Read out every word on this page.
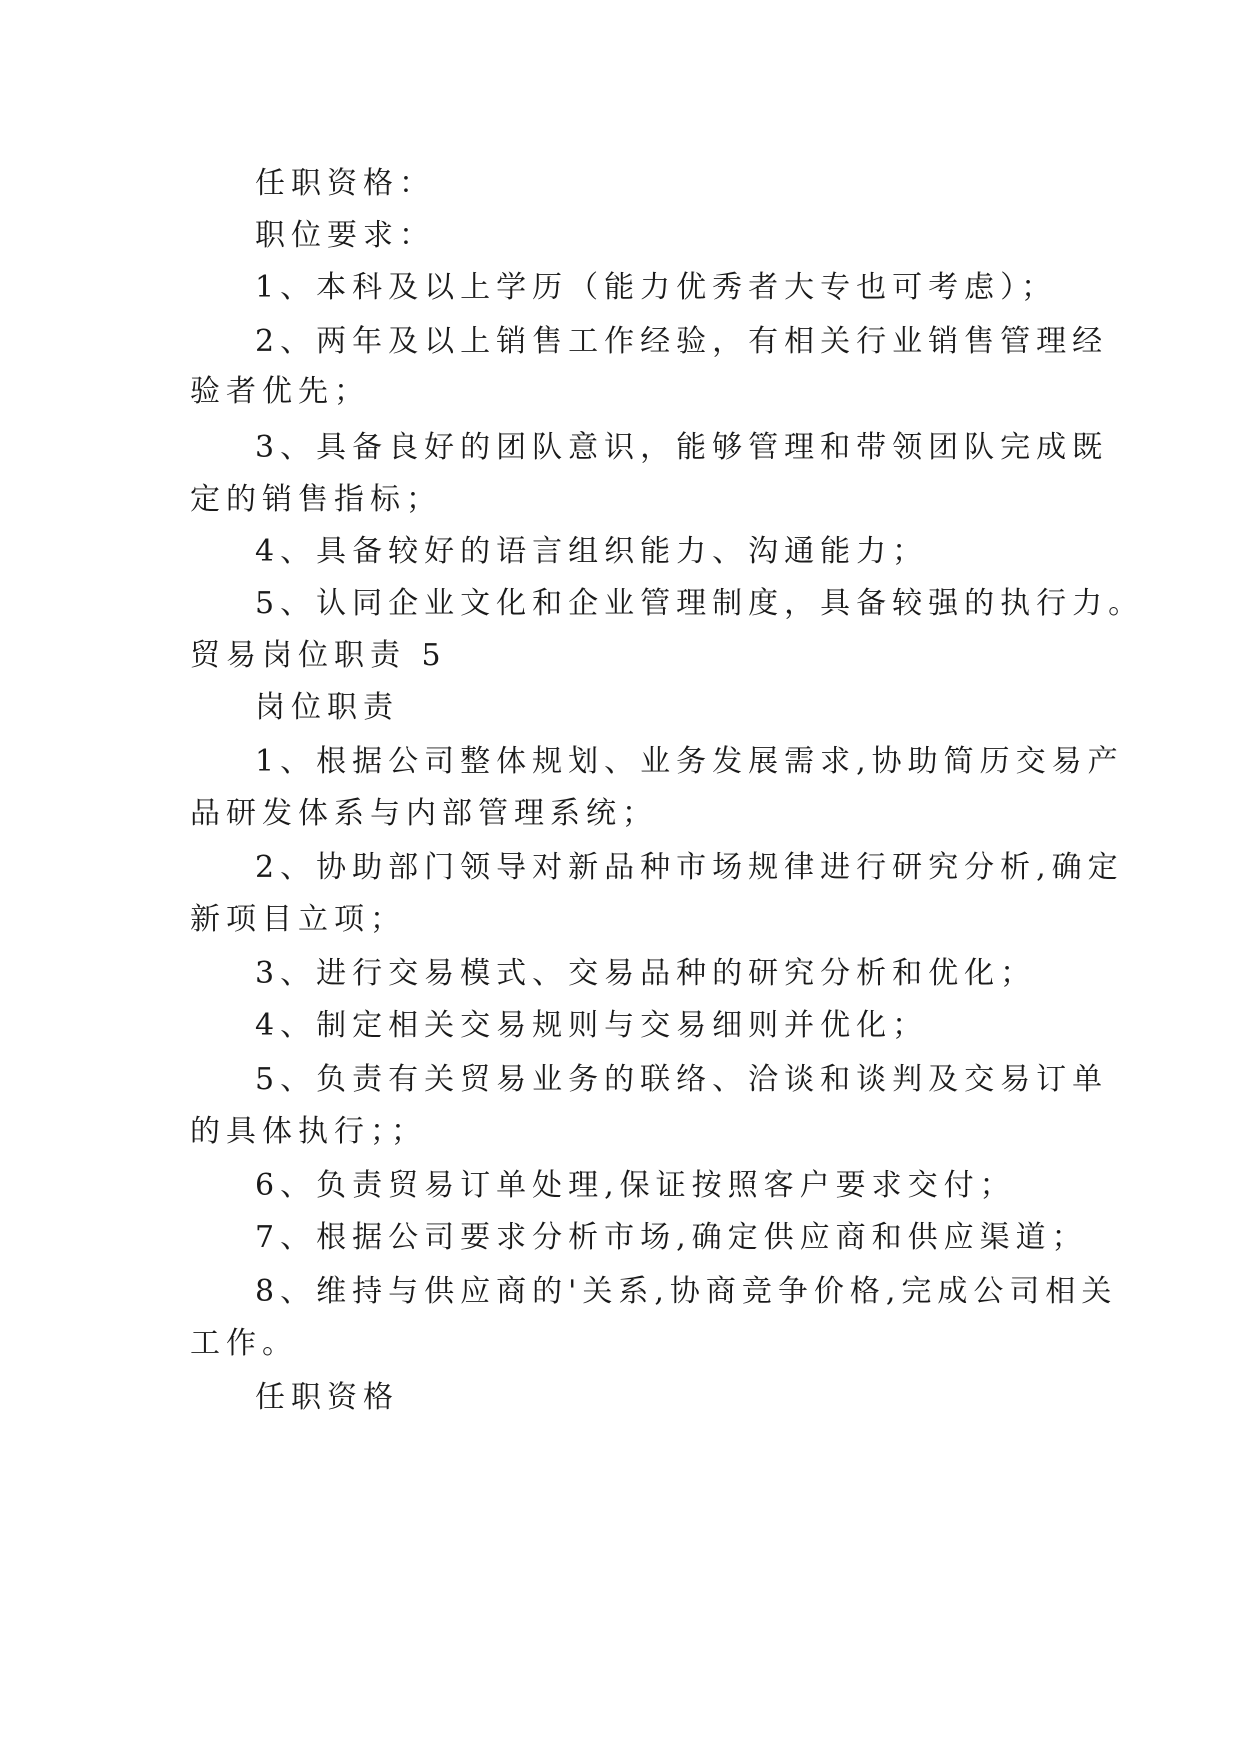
任职资格：
职位要求：
1、本科及以上学历（能力优秀者大专也可考虑）；
2、两年及以上销售工作经验，有相关行业销售管理经
验者优先；
3、具备良好的团队意识，能够管理和带领团队完成既
定的销售指标；
4、具备较好的语言组织能力、沟通能力；
5、认同企业文化和企业管理制度，具备较强的执行力。
贸易岗位职责 5
岗位职责
1、根据公司整体规划、业务发展需求,协助简历交易产
品研发体系与内部管理系统；
2、协助部门领导对新品种市场规律进行研究分析,确定
新项目立项；
3、进行交易模式、交易品种的研究分析和优化；
4、制定相关交易规则与交易细则并优化；
5、负责有关贸易业务的联络、洽谈和谈判及交易订单
的具体执行；；
6、负责贸易订单处理,保证按照客户要求交付；
7、根据公司要求分析市场,确定供应商和供应渠道；
8、维持与供应商的'关系,协商竞争价格,完成公司相关
工作。
任职资格
